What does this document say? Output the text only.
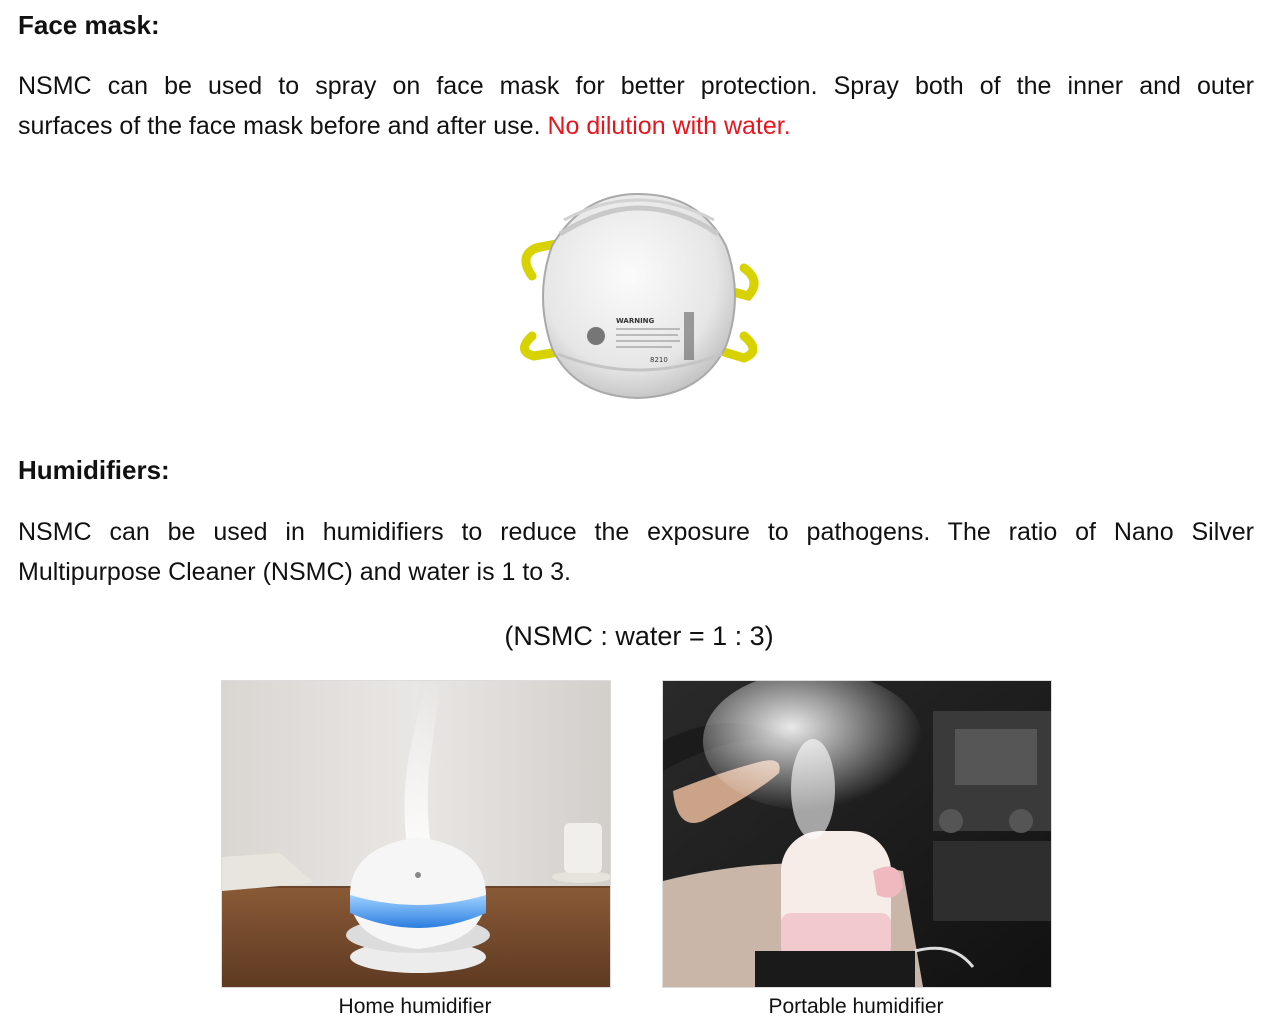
Face mask:

NSMC can be used to spray on face mask for better protection. Spray both of the inner and outer
surfaces of the face mask before and after use. No dilution with water.

WARNING
8210
Humidifiers:

NSMC can be used in humidifiers to reduce the exposure to pathogens. The ratio of Nano Silver
Multipurpose Cleaner (NSMC) and water is 1 to 3.

(NSMC : water = 1 : 3)

Home humidifier	Portable humidifier
